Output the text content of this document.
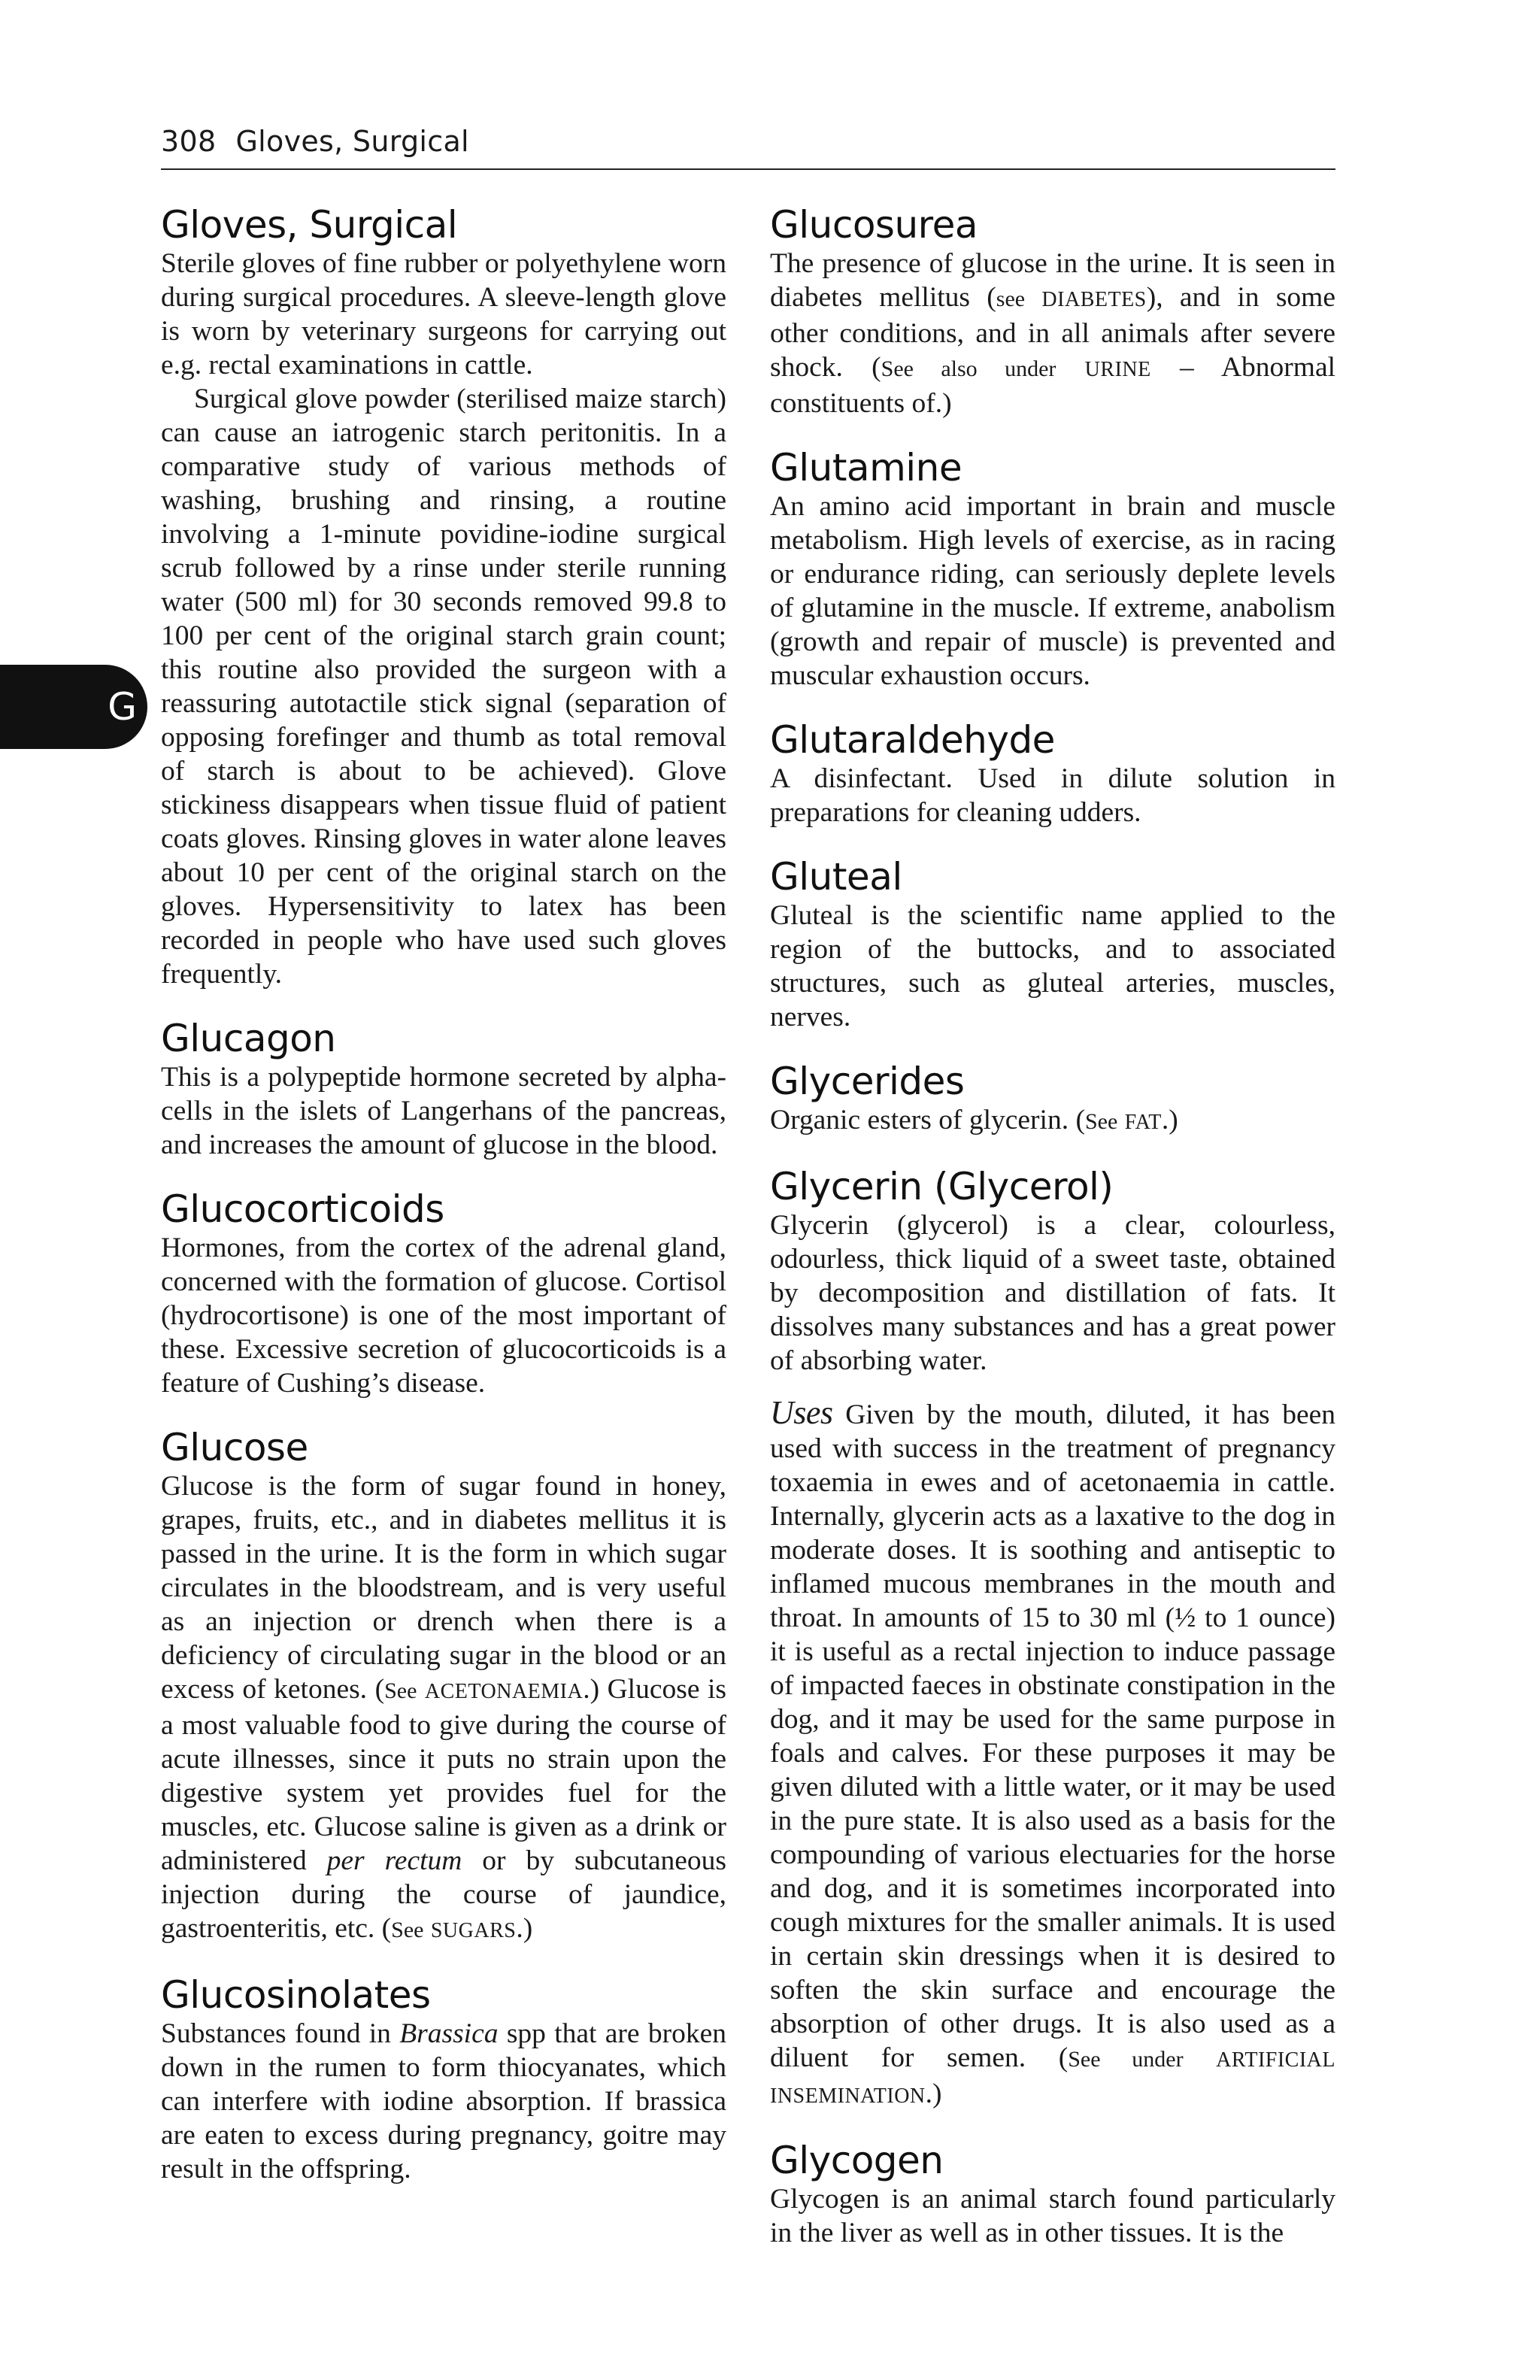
308 Gloves, Surgical
G
Gloves, Surgical

Sterile gloves of fine rubber or polyethylene worn during surgical procedures. A sleeve-length glove is worn by veterinary surgeons for carrying out e.g. rectal examinations in cattle.

Surgical glove powder (sterilised maize starch) can cause an iatrogenic starch peritonitis. In a comparative study of various methods of washing, brushing and rinsing, a routine involving a 1-minute povidine-iodine surgical scrub followed by a rinse under sterile running water (500 ml) for 30 seconds removed 99.8 to 100 per cent of the original starch grain count; this routine also provided the surgeon with a reassuring autotactile stick signal (separation of opposing forefinger and thumb as total removal of starch is about to be achieved). Glove stickiness disappears when tissue fluid of patient coats gloves. Rinsing gloves in water alone leaves about 10 per cent of the original starch on the gloves. Hypersensitivity to latex has been recorded in people who have used such gloves frequently.

Glucagon

This is a polypeptide hormone secreted by alpha-cells in the islets of Langerhans of the pancreas, and increases the amount of glucose in the blood.

Glucocorticoids

Hormones, from the cortex of the adrenal gland, concerned with the formation of glucose. Cortisol (hydrocortisone) is one of the most important of these. Excessive secretion of glucocorticoids is a feature of Cushing’s disease.

Glucose

Glucose is the form of sugar found in honey, grapes, fruits, etc., and in diabetes mellitus it is passed in the urine. It is the form in which sugar circulates in the bloodstream, and is very useful as an injection or drench when there is a deficiency of circulating sugar in the blood or an excess of ketones. (See ACETONAEMIA.) Glucose is a most valuable food to give during the course of acute illnesses, since it puts no strain upon the digestive system yet provides fuel for the muscles, etc. Glucose saline is given as a drink or administered per rectum or by subcutaneous injection during the course of jaundice, gastroenteritis, etc. (See SUGARS.)

Glucosinolates

Substances found in Brassica spp that are broken down in the rumen to form thiocyanates, which can interfere with iodine absorption. If brassica are eaten to excess during pregnancy, goitre may result in the offspring.

Glucosurea

The presence of glucose in the urine. It is seen in diabetes mellitus (see DIABETES), and in some other conditions, and in all animals after severe shock. (See also under URINE – Abnormal constituents of.)

Glutamine

An amino acid important in brain and muscle metabolism. High levels of exercise, as in racing or endurance riding, can seriously deplete levels of glutamine in the muscle. If extreme, anabolism (growth and repair of muscle) is prevented and muscular exhaustion occurs.

Glutaraldehyde

A disinfectant. Used in dilute solution in preparations for cleaning udders.

Gluteal

Gluteal is the scientific name applied to the region of the buttocks, and to associated structures, such as gluteal arteries, muscles, nerves.

Glycerides

Organic esters of glycerin. (See FAT.)

Glycerin (Glycerol)

Glycerin (glycerol) is a clear, colourless, odourless, thick liquid of a sweet taste, obtained by decomposition and distillation of fats. It dissolves many substances and has a great power of absorbing water.

Uses Given by the mouth, diluted, it has been used with success in the treatment of pregnancy toxaemia in ewes and of acetonaemia in cattle. Internally, glycerin acts as a laxative to the dog in moderate doses. It is soothing and antiseptic to inflamed mucous membranes in the mouth and throat. In amounts of 15 to 30 ml (½ to 1 ounce) it is useful as a rectal injection to induce passage of impacted faeces in obstinate constipation in the dog, and it may be used for the same purpose in foals and calves. For these purposes it may be given diluted with a little water, or it may be used in the pure state. It is also used as a basis for the compounding of various electuaries for the horse and dog, and it is sometimes incorporated into cough mixtures for the smaller animals. It is used in certain skin dressings when it is desired to soften the skin surface and encourage the absorption of other drugs. It is also used as a diluent for semen. (See under ARTIFICIAL INSEMINATION.)

Glycogen

Glycogen is an animal starch found particularly in the liver as well as in other tissues. It is the
